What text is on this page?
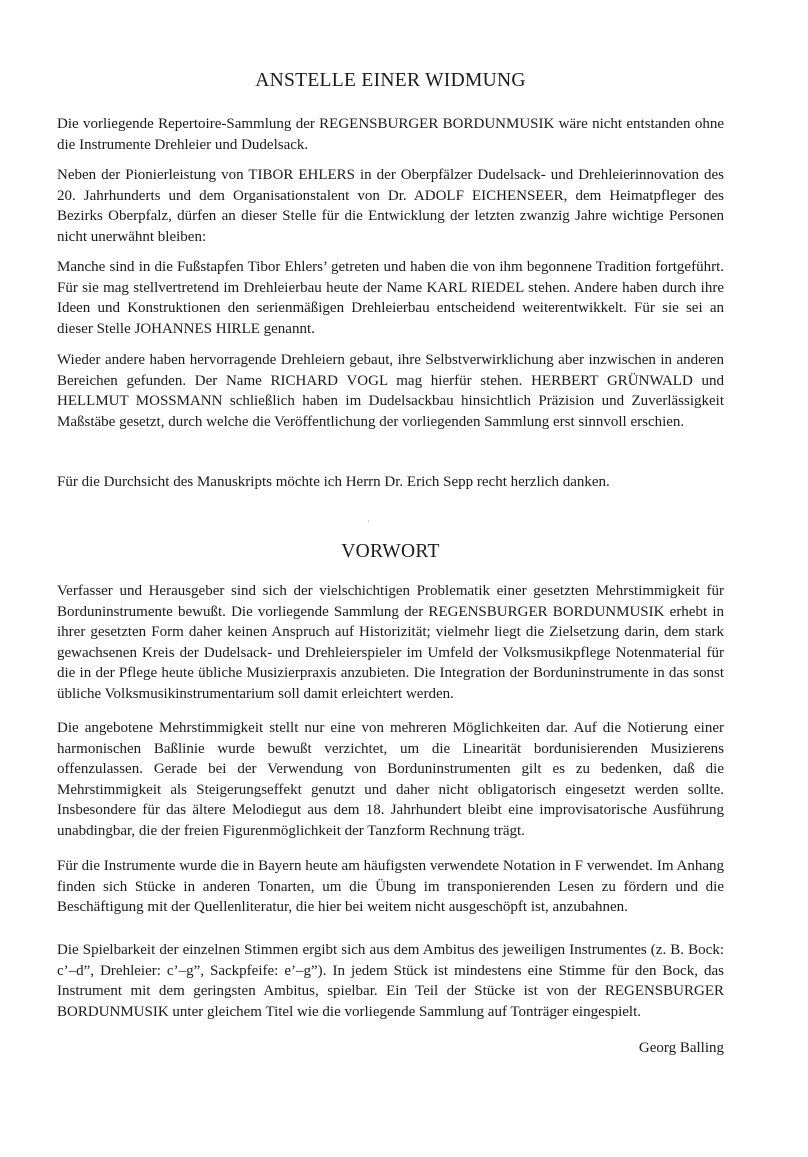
ANSTELLE EINER WIDMUNG

Die vorliegende Repertoire-Sammlung der REGENSBURGER BORDUNMUSIK wäre nicht entstanden ohne die Instrumente Drehleier und Dudelsack.

Neben der Pionierleistung von TIBOR EHLERS in der Oberpfälzer Dudelsack- und Drehleierinnovation des 20. Jahrhunderts und dem Organisationstalent von Dr. ADOLF EICHENSEER, dem Heimatpfleger des Bezirks Oberpfalz, dürfen an dieser Stelle für die Entwicklung der letzten zwanzig Jahre wichtige Personen nicht unerwähnt bleiben:

Manche sind in die Fußstapfen Tibor Ehlers’ getreten und haben die von ihm begonnene Tradition fortgeführt. Für sie mag stellvertretend im Drehleierbau heute der Name KARL RIEDEL stehen. Andere haben durch ihre Ideen und Konstruktionen den serienmäßigen Drehleierbau entscheidend weiterentwikkelt. Für sie sei an dieser Stelle JOHANNES HIRLE genannt.

Wieder andere haben hervorragende Drehleiern gebaut, ihre Selbstverwirklichung aber inzwischen in anderen Bereichen gefunden. Der Name RICHARD VOGL mag hierfür stehen. HERBERT GRÜNWALD und HELLMUT MOSSMANN schließlich haben im Dudelsackbau hinsichtlich Präzision und Zuverlässigkeit Maßstäbe gesetzt, durch welche die Veröffentlichung der vorliegenden Sammlung erst sinnvoll erschien.

Für die Durchsicht des Manuskripts möchte ich Herrn Dr. Erich Sepp recht herzlich danken.

VORWORT

Verfasser und Herausgeber sind sich der vielschichtigen Problematik einer gesetzten Mehrstimmigkeit für Borduninstrumente bewußt. Die vorliegende Sammlung der REGENSBURGER BORDUNMUSIK erhebt in ihrer gesetzten Form daher keinen Anspruch auf Historizität; vielmehr liegt die Zielsetzung darin, dem stark gewachsenen Kreis der Dudelsack- und Drehleierspieler im Umfeld der Volksmusikpflege Notenmaterial für die in der Pflege heute übliche Musizierpraxis anzubieten. Die Integration der Borduninstrumente in das sonst übliche Volksmusikinstrumentarium soll damit erleichtert werden.

Die angebotene Mehrstimmigkeit stellt nur eine von mehreren Möglichkeiten dar. Auf die Notierung einer harmonischen Baßlinie wurde bewußt verzichtet, um die Linearität bordunisierenden Musizierens offenzulassen. Gerade bei der Verwendung von Borduninstrumenten gilt es zu bedenken, daß die Mehrstimmigkeit als Steigerungseffekt genutzt und daher nicht obligatorisch eingesetzt werden sollte. Insbesondere für das ältere Melodiegut aus dem 18. Jahrhundert bleibt eine improvisatorische Ausführung unabdingbar, die der freien Figurenmöglichkeit der Tanzform Rechnung trägt.

Für die Instrumente wurde die in Bayern heute am häufigsten verwendete Notation in F verwendet. Im Anhang finden sich Stücke in anderen Tonarten, um die Übung im transponierenden Lesen zu fördern und die Beschäftigung mit der Quellenliteratur, die hier bei weitem nicht ausgeschöpft ist, anzubahnen.

Die Spielbarkeit der einzelnen Stimmen ergibt sich aus dem Ambitus des jeweiligen Instrumentes (z. B. Bock: c’–d”, Drehleier: c’–g”, Sackpfeife: e’–g”). In jedem Stück ist mindestens eine Stimme für den Bock, das Instrument mit dem geringsten Ambitus, spielbar. Ein Teil der Stücke ist von der REGENSBURGER BORDUNMUSIK unter gleichem Titel wie die vorliegende Sammlung auf Tonträger eingespielt.

Georg Balling
